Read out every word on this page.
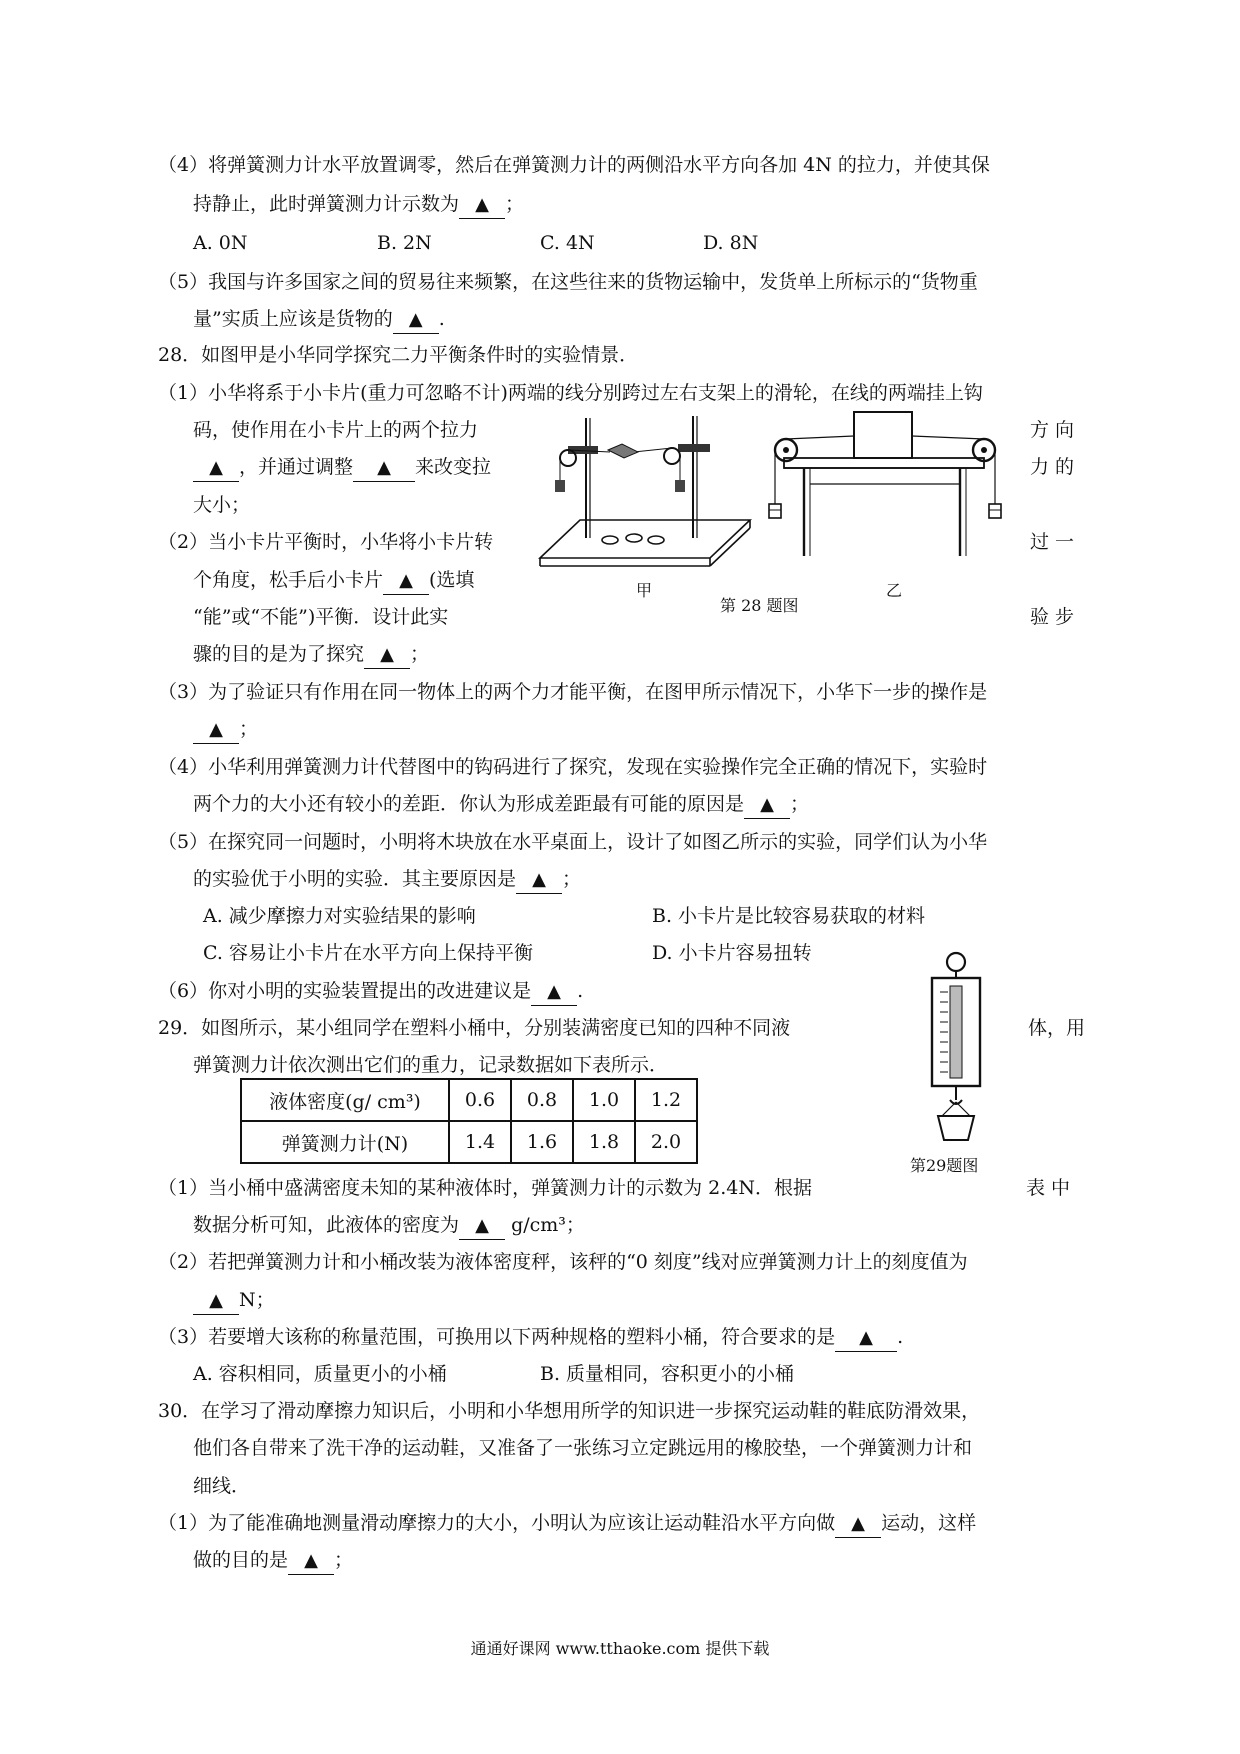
（4）将弹簧测力计水平放置调零，然后在弹簧测力计的两侧沿水平方向各加 4N 的拉力，并使其保
持静止，此时弹簧测力计示数为 ▲ ；
A. 0N	B. 2N	C. 4N	D. 8N
（5）我国与许多国家之间的贸易往来频繁，在这些往来的货物运输中，发货单上所标示的“货物重
量”实质上应该是货物的 ▲ .
28．如图甲是小华同学探究二力平衡条件时的实验情景．
（1）小华将系于小卡片(重力可忽略不计)两端的线分别跨过左右支架上的滑轮，在线的两端挂上钩
码，使作用在小卡片上的两个拉力	方 向
▲ ，并通过调整 ▲ 来改变拉	力 的
大小；
（2）当小卡片平衡时，小华将小卡片转	过 一
个角度，松手后小卡片 ▲ (选填
“能”或“不能”)平衡．设计此实	验 步
骤的目的是为了探究 ▲ ；
甲	乙
第 28 题图
（3）为了验证只有作用在同一物体上的两个力才能平衡，在图甲所示情况下，小华下一步的操作是
▲ ；
（4）小华利用弹簧测力计代替图中的钩码进行了探究，发现在实验操作完全正确的情况下，实验时
两个力的大小还有较小的差距．你认为形成差距最有可能的原因是 ▲ ；
（5）在探究同一问题时，小明将木块放在水平桌面上，设计了如图乙所示的实验，同学们认为小华
的实验优于小明的实验．其主要原因是 ▲ ；
A. 减少摩擦力对实验结果的影响	B. 小卡片是比较容易获取的材料
C. 容易让小卡片在水平方向上保持平衡	D. 小卡片容易扭转
（6）你对小明的实验装置提出的改进建议是 ▲ .
29．如图所示，某小组同学在塑料小桶中，分别装满密度已知的四种不同液	体，用
弹簧测力计依次测出它们的重力，记录数据如下表所示．
液体密度(g/ cm³)	0.6	0.8	1.0	1.2
弹簧测力计(N)	1.4	1.6	1.8	2.0
第29题图
（1）当小桶中盛满密度未知的某种液体时，弹簧测力计的示数为 2.4N．根据	表 中
数据分析可知，此液体的密度为 ▲ g/cm³；
（2）若把弹簧测力计和小桶改装为液体密度秤，该秤的“0 刻度”线对应弹簧测力计上的刻度值为
▲ N；
（3）若要增大该称的称量范围，可换用以下两种规格的塑料小桶，符合要求的是 ▲ .
A. 容积相同，质量更小的小桶	B. 质量相同，容积更小的小桶
30．在学习了滑动摩擦力知识后，小明和小华想用所学的知识进一步探究运动鞋的鞋底防滑效果，
他们各自带来了洗干净的运动鞋，又准备了一张练习立定跳远用的橡胶垫，一个弹簧测力计和
细线．
（1）为了能准确地测量滑动摩擦力的大小，小明认为应该让运动鞋沿水平方向做 ▲ 运动，这样
做的目的是 ▲ ；
通通好课网 www.tthaoke.com 提供下载
